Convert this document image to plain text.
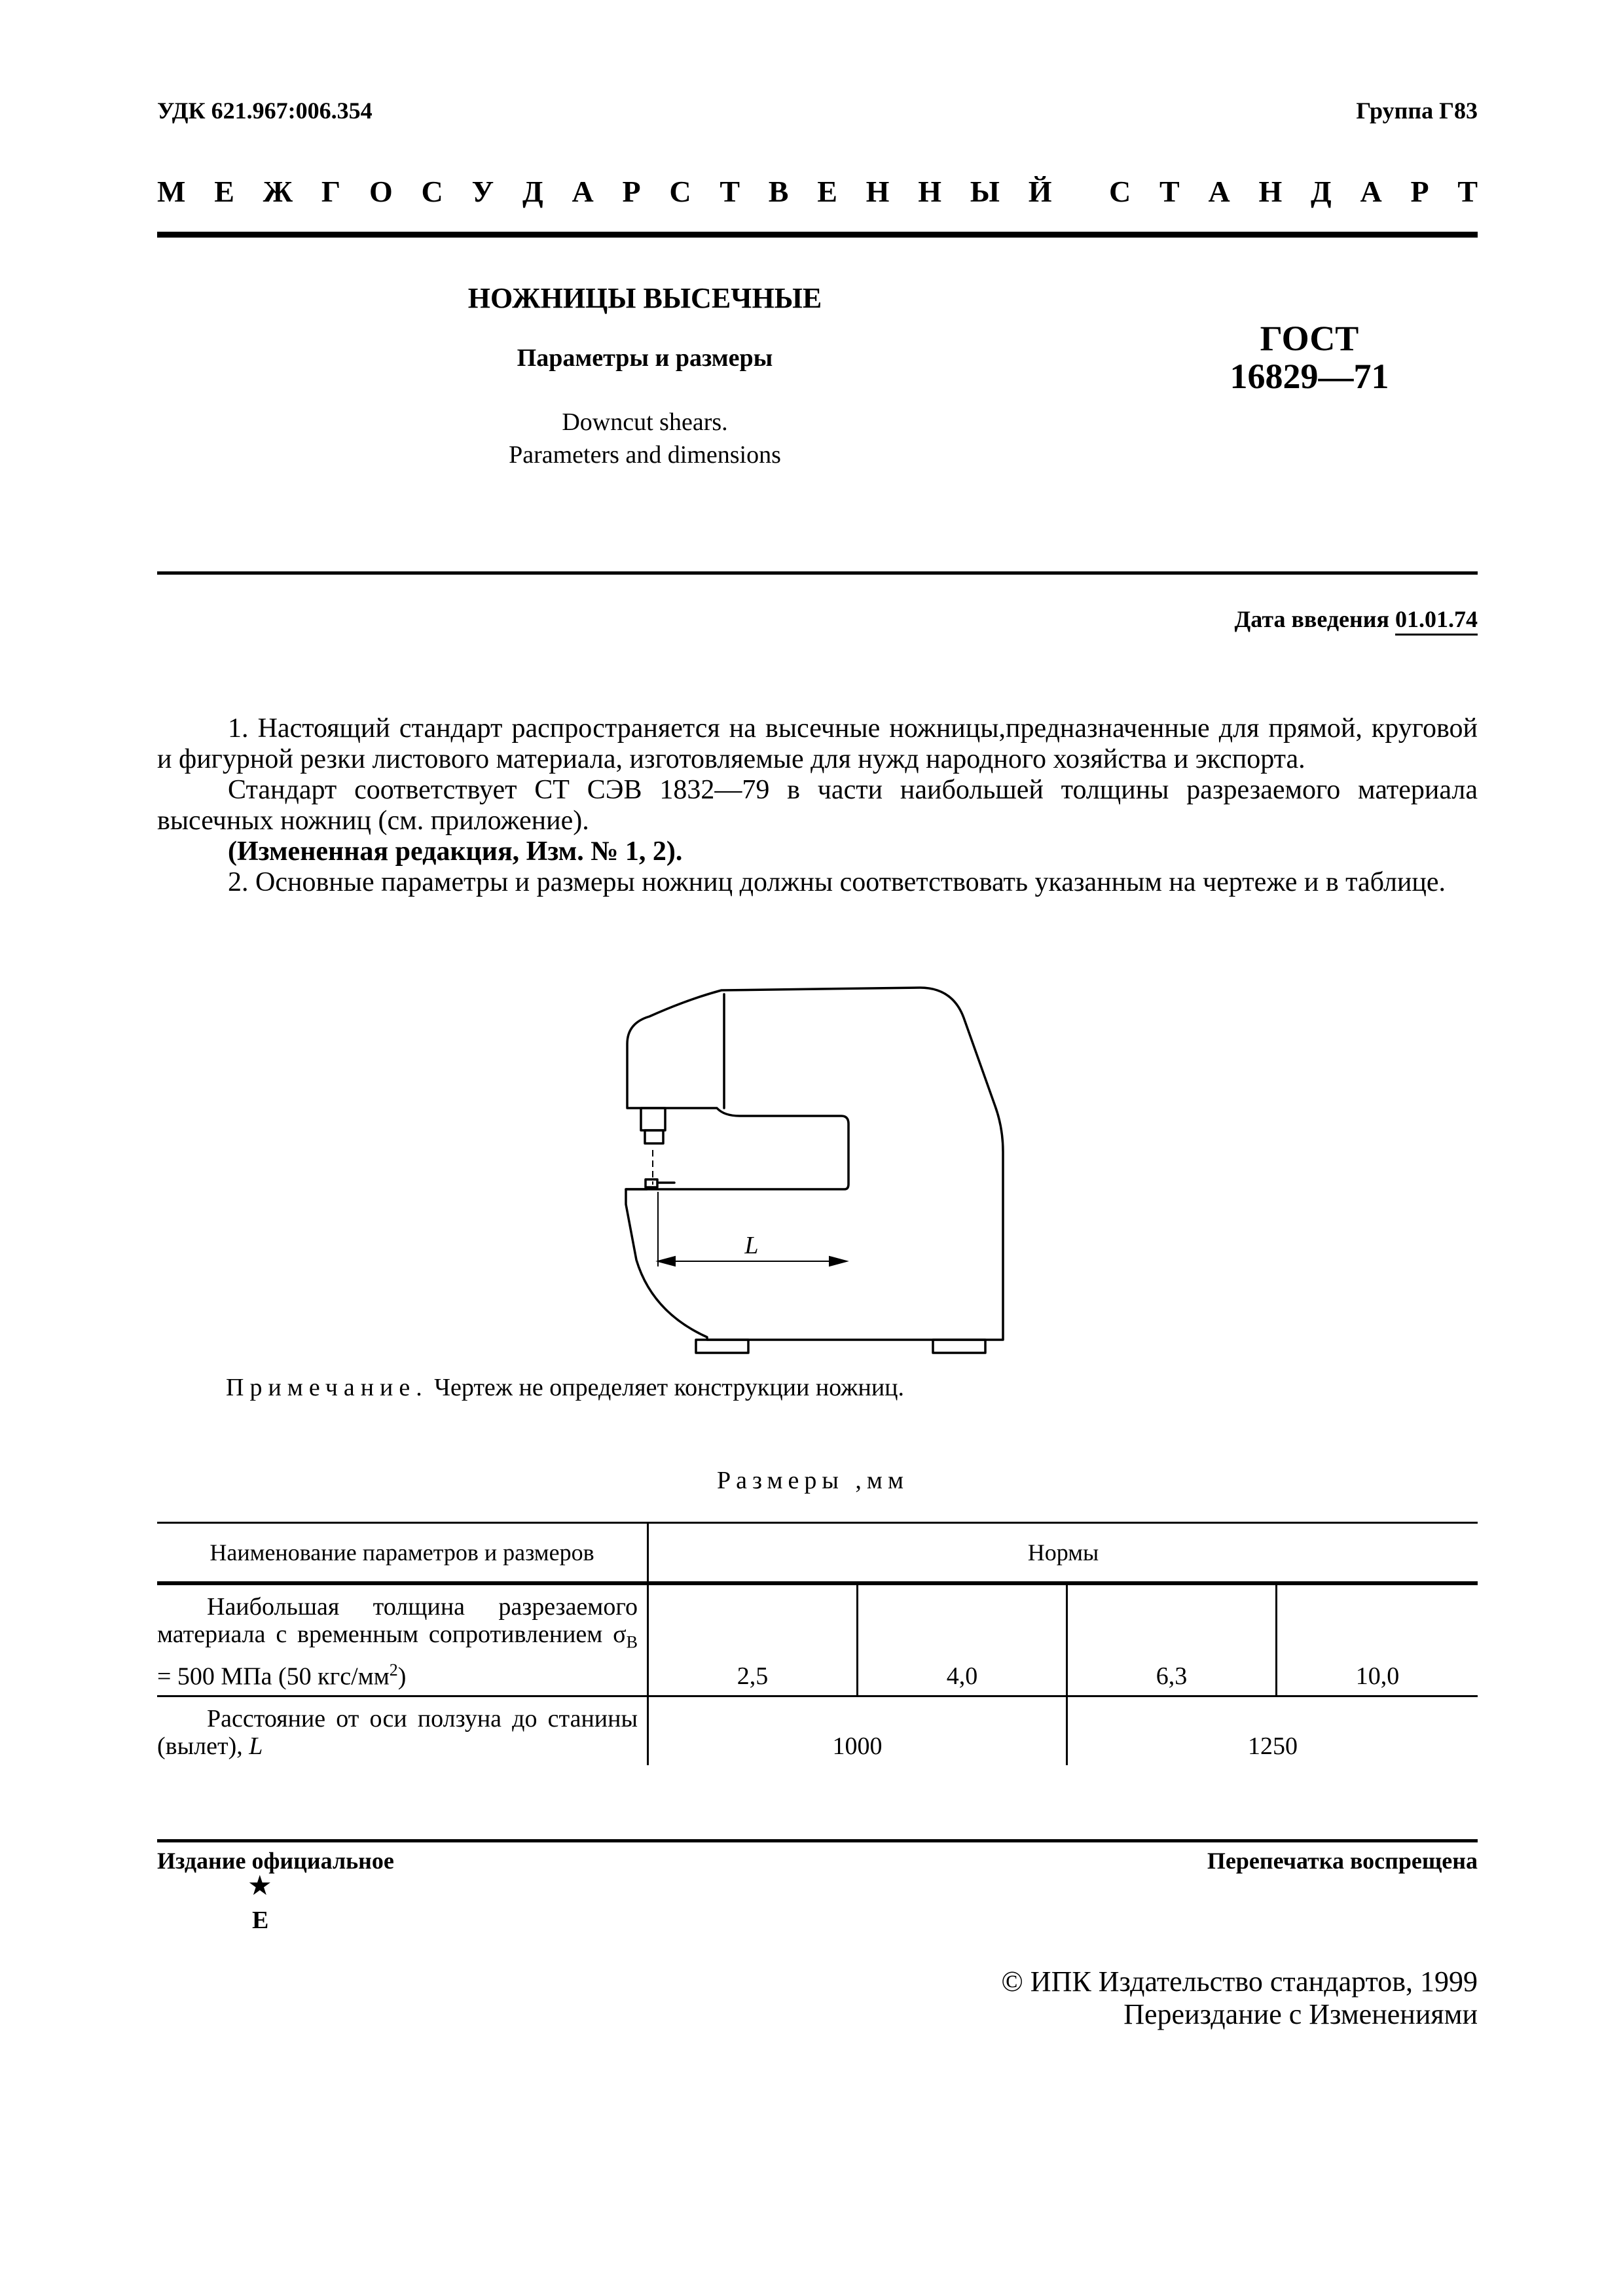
УДК 621.967:006.354	Группа Г83
М Е Ж Г О С У Д А Р С Т В Е Н Н Ы Й С Т А Н Д А Р Т
НОЖНИЦЫ ВЫСЕЧНЫЕ
Параметры и размеры
Downcut shears.
Parameters and dimensions
ГОСТ
16829—71
Дата введения 01.01.74

1. Настоящий стандарт распространяется на высечные ножницы,предназначенные для прямой, круговой и фигурной резки листового материала, изготовляемые для нужд народного хозяйства и экспорта.

Стандарт соответствует СТ СЭВ 1832—79 в части наибольшей толщины разрезаемого материала высечных ножниц (см. приложение).

(Измененная редакция, Изм. № 1, 2).

2. Основные параметры и размеры ножниц должны соответствовать указанным на чертеже и в таблице.

L
Примечание. Чертеж не определяет конструкции ножниц.
Размеры ,мм
Наименование параметров и размеров	Нормы			

Наибольшая толщина разрезаемого материала с временным сопротивлением $\sigma_В = 500$ МПа (50 кгс/$мм^2$)	2,5	4,0	6,3	10,0

Расстояние от оси ползуна до станины (вылет), L	1000		1250	
Издание официальное	Перепечатка воспрещена
★
Е
© ИПК Издательство стандартов, 1999
Переиздание с Изменениями
